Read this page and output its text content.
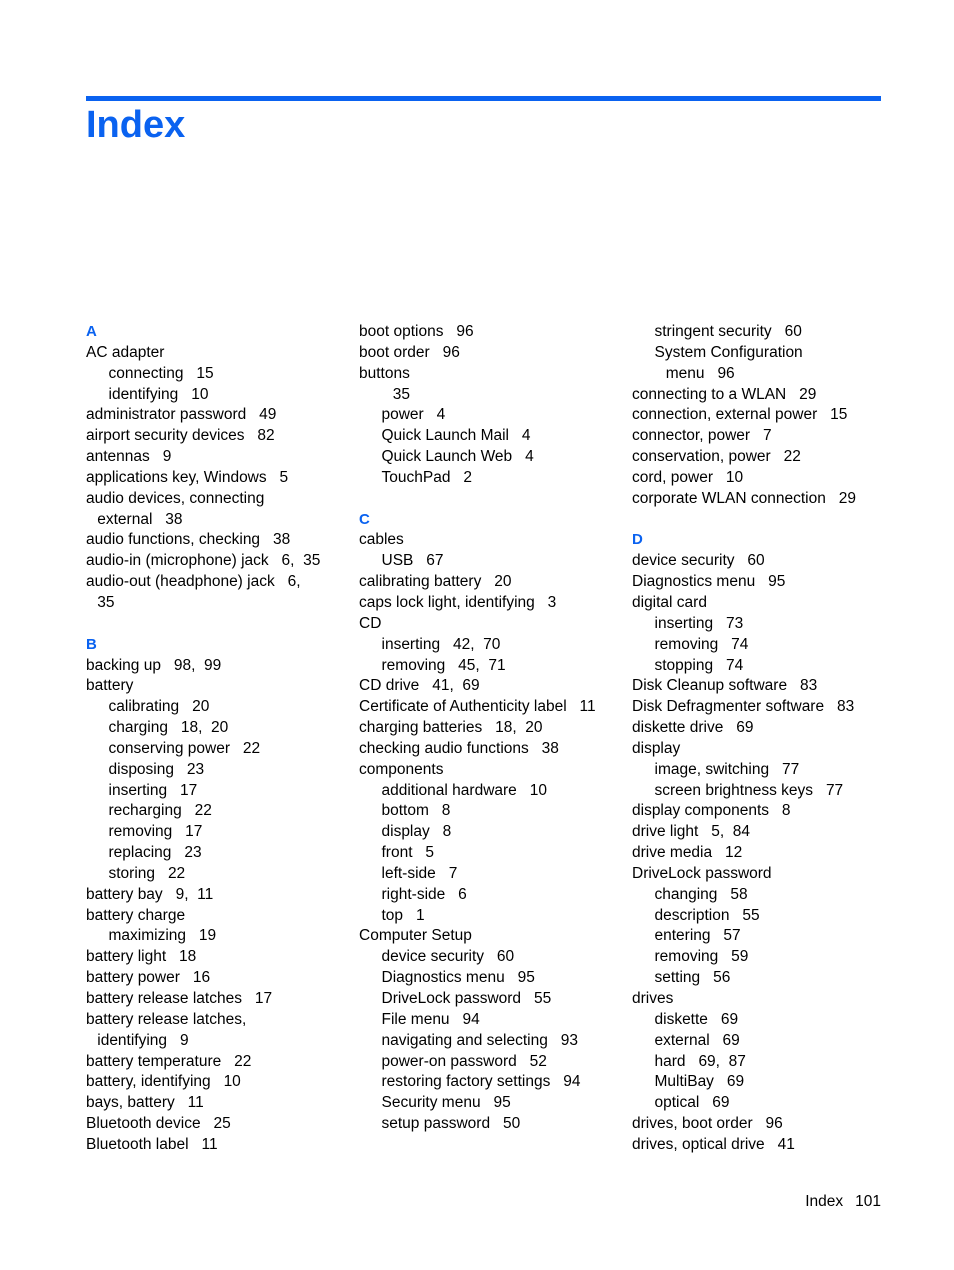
Index
A
AC adapter
connecting   15
identifying   10
administrator password   49
airport security devices   82
antennas   9
applications key, Windows   5
audio devices, connecting
external   38
audio functions, checking   38
audio-in (microphone) jack   6,  35
audio-out (headphone) jack   6,
35
B
backing up   98,  99
battery
calibrating   20
charging   18,  20
conserving power   22
disposing   23
inserting   17
recharging   22
removing   17
replacing   23
storing   22
battery bay   9,  11
battery charge
maximizing   19
battery light   18
battery power   16
battery release latches   17
battery release latches,
identifying   9
battery temperature   22
battery, identifying   10
bays, battery   11
Bluetooth device   25
Bluetooth label   11
boot options   96
boot order   96
buttons
35
power   4
Quick Launch Mail   4
Quick Launch Web   4
TouchPad   2
C
cables
USB   67
calibrating battery   20
caps lock light, identifying   3
CD
inserting   42,  70
removing   45,  71
CD drive   41,  69
Certificate of Authenticity label   11
charging batteries   18,  20
checking audio functions   38
components
additional hardware   10
bottom   8
display   8
front   5
left-side   7
right-side   6
top   1
Computer Setup
device security   60
Diagnostics menu   95
DriveLock password   55
File menu   94
navigating and selecting   93
power-on password   52
restoring factory settings   94
Security menu   95
setup password   50
stringent security   60
System Configuration
menu   96
connecting to a WLAN   29
connection, external power   15
connector, power   7
conservation, power   22
cord, power   10
corporate WLAN connection   29
D
device security   60
Diagnostics menu   95
digital card
inserting   73
removing   74
stopping   74
Disk Cleanup software   83
Disk Defragmenter software   83
diskette drive   69
display
image, switching   77
screen brightness keys   77
display components   8
drive light   5,  84
drive media   12
DriveLock password
changing   58
description   55
entering   57
removing   59
setting   56
drives
diskette   69
external   69
hard   69,  87
MultiBay   69
optical   69
drives, boot order   96
drives, optical drive   41
Index 101
